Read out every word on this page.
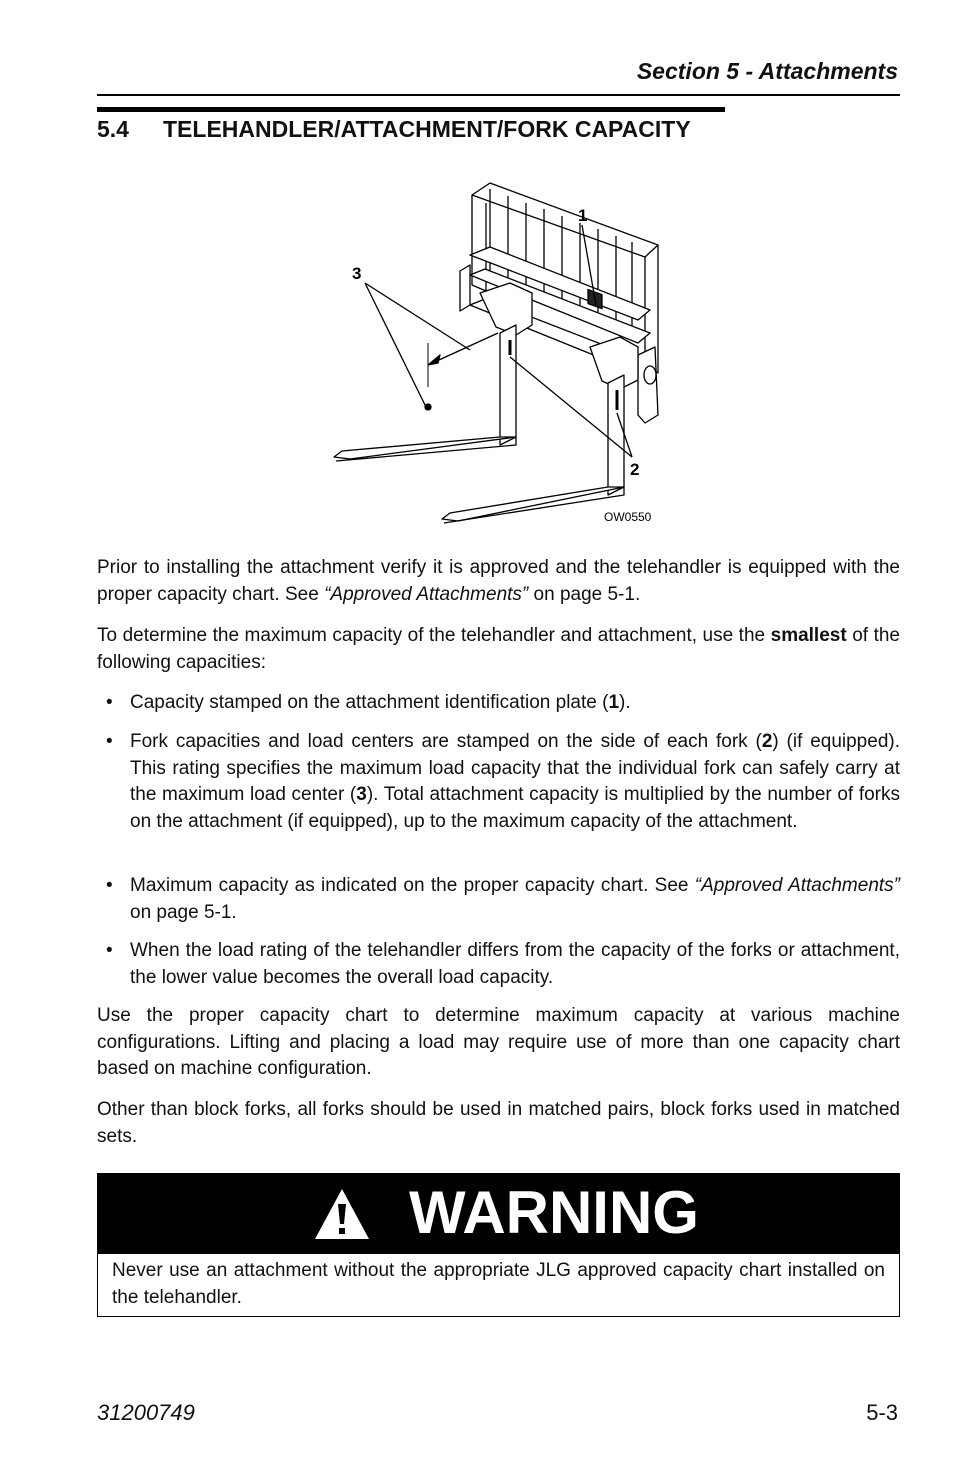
Section 5 - Attachments
5.4 TELEHANDLER/ATTACHMENT/FORK CAPACITY
1
3
2
OW0550
Prior to installing the attachment verify it is approved and the telehandler is equipped with the proper capacity chart. See “Approved Attachments” on page 5-1.
To determine the maximum capacity of the telehandler and attachment, use the smallest of the following capacities:
• Capacity stamped on the attachment identification plate (1).
• Fork capacities and load centers are stamped on the side of each fork (2) (if equipped). This rating specifies the maximum load capacity that the individual fork can safely carry at the maximum load center (3). Total attachment capacity is multiplied by the number of forks on the attachment (if equipped), up to the maximum capacity of the attachment.
• Maximum capacity as indicated on the proper capacity chart. See “Approved Attachments” on page 5-1.
• When the load rating of the telehandler differs from the capacity of the forks or attachment, the lower value becomes the overall load capacity.
Use the proper capacity chart to determine maximum capacity at various machine configurations. Lifting and placing a load may require use of more than one capacity chart based on machine configuration.
Other than block forks, all forks should be used in matched pairs, block forks used in matched sets.
WARNING
Never use an attachment without the appropriate JLG approved capacity chart installed on the telehandler.
31200749	5-3
